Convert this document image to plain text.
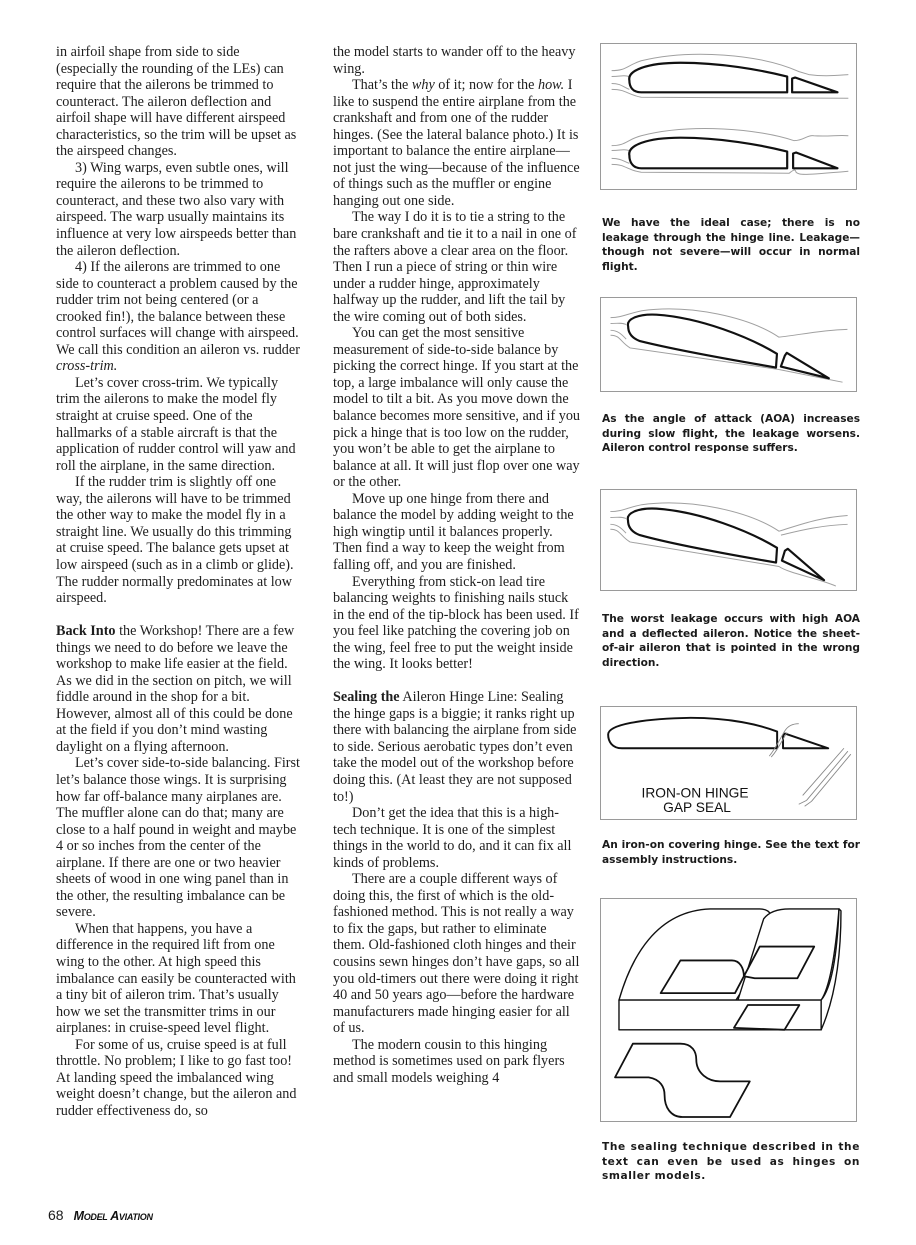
in airfoil shape from side to side (especially the rounding of the LEs) can require that the ailerons be trimmed to counteract. The aileron deflection and airfoil shape will have different airspeed characteristics, so the trim will be upset as the airspeed changes.

3) Wing warps, even subtle ones, will require the ailerons to be trimmed to counteract, and these two also vary with airspeed. The warp usually maintains its influence at very low airspeeds better than the aileron deflection.

4) If the ailerons are trimmed to one side to counteract a problem caused by the rudder trim not being centered (or a crooked fin!), the balance between these control surfaces will change with airspeed. We call this condition an aileron vs. rudder cross-trim.

Let’s cover cross-trim. We typically trim the ailerons to make the model fly straight at cruise speed. One of the hallmarks of a stable aircraft is that the application of rudder control will yaw and roll the airplane, in the same direction.

If the rudder trim is slightly off one way, the ailerons will have to be trimmed the other way to make the model fly in a straight line. We usually do this trimming at cruise speed. The balance gets upset at low airspeed (such as in a climb or glide). The rudder normally predominates at low airspeed.

Back Into the Workshop! There are a few things we need to do before we leave the workshop to make life easier at the field. As we did in the section on pitch, we will fiddle around in the shop for a bit. However, almost all of this could be done at the field if you don’t mind wasting daylight on a flying afternoon.

Let’s cover side-to-side balancing. First let’s balance those wings. It is surprising how far off-balance many airplanes are. The muffler alone can do that; many are close to a half pound in weight and maybe 4 or so inches from the center of the airplane. If there are one or two heavier sheets of wood in one wing panel than in the other, the resulting imbalance can be severe.

When that happens, you have a difference in the required lift from one wing to the other. At high speed this imbalance can easily be counteracted with a tiny bit of aileron trim. That’s usually how we set the transmitter trims in our airplanes: in cruise-speed level flight.

For some of us, cruise speed is at full throttle. No problem; I like to go fast too! At landing speed the imbalanced wing weight doesn’t change, but the aileron and rudder effectiveness do, so

the model starts to wander off to the heavy wing.

That’s the why of it; now for the how. I like to suspend the entire airplane from the crankshaft and from one of the rudder hinges. (See the lateral balance photo.) It is important to balance the entire airplane—not just the wing—because of the influence of things such as the muffler or engine hanging out one side.

The way I do it is to tie a string to the bare crankshaft and tie it to a nail in one of the rafters above a clear area on the floor. Then I run a piece of string or thin wire under a rudder hinge, approximately halfway up the rudder, and lift the tail by the wire coming out of both sides.

You can get the most sensitive measurement of side-to-side balance by picking the correct hinge. If you start at the top, a large imbalance will only cause the model to tilt a bit. As you move down the balance becomes more sensitive, and if you pick a hinge that is too low on the rudder, you won’t be able to get the airplane to balance at all. It will just flop over one way or the other.

Move up one hinge from there and balance the model by adding weight to the high wingtip until it balances properly. Then find a way to keep the weight from falling off, and you are finished.

Everything from stick-on lead tire balancing weights to finishing nails stuck in the end of the tip-block has been used. If you feel like patching the covering job on the wing, feel free to put the weight inside the wing. It looks better!

Sealing the Aileron Hinge Line: Sealing the hinge gaps is a biggie; it ranks right up there with balancing the airplane from side to side. Serious aerobatic types don’t even take the model out of the workshop before doing this. (At least they are not supposed to!)

Don’t get the idea that this is a high-tech technique. It is one of the simplest things in the world to do, and it can fix all kinds of problems.

There are a couple different ways of doing this, the first of which is the old-fashioned method. This is not really a way to fix the gaps, but rather to eliminate them. Old-fashioned cloth hinges and their cousins sewn hinges don’t have gaps, so all you old-timers out there were doing it right 40 and 50 years ago—before the hardware manufacturers made hinging easier for all of us.

The modern cousin to this hinging method is sometimes used on park flyers and small models weighing 4

We have the ideal case; there is no leakage through the hinge line. Leakage—though not severe—will occur in normal flight.
As the angle of attack (AOA) increases during slow flight, the leakage worsens. Aileron control response suffers.
The worst leakage occurs with high AOA and a deflected aileron. Notice the sheet-of-air aileron that is pointed in the wrong direction.
IRON-ON HINGE
GAP SEAL
An iron-on covering hinge. See the text for assembly instructions.
The sealing technique described in the text can even be used as hinges on smaller models.
68 Model Aviation
